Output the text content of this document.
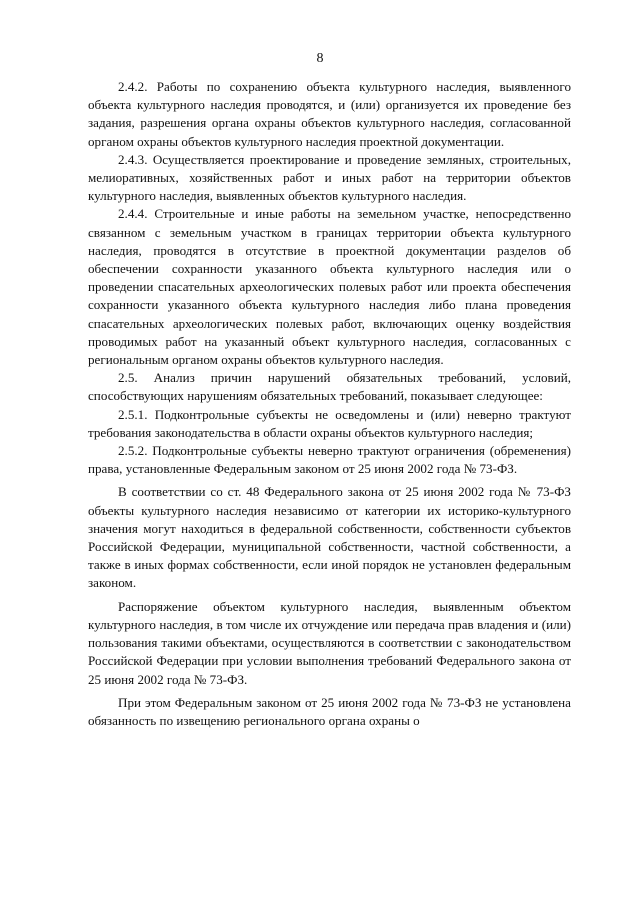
8

2.4.2. Работы по сохранению объекта культурного наследия, выявленного объекта культурного наследия проводятся, и (или) организуется их проведение без задания, разрешения органа охраны объектов культурного наследия, согласованной органом охраны объектов культурного наследия проектной документации.

2.4.3. Осуществляется проектирование и проведение земляных, строительных, мелиоративных, хозяйственных работ и иных работ на территории объектов культурного наследия, выявленных объектов культурного наследия.

2.4.4. Строительные и иные работы на земельном участке, непосредственно связанном с земельным участком в границах территории объекта культурного наследия, проводятся в отсутствие в проектной документации разделов об обеспечении сохранности указанного объекта культурного наследия или о проведении спасательных археологических полевых работ или проекта обеспечения сохранности указанного объекта культурного наследия либо плана проведения спасательных археологических полевых работ, включающих оценку воздействия проводимых работ на указанный объект культурного наследия, согласованных с региональным органом охраны объектов культурного наследия.

2.5. Анализ причин нарушений обязательных требований, условий, способствующих нарушениям обязательных требований, показывает следующее:

2.5.1. Подконтрольные субъекты не осведомлены и (или) неверно трактуют требования законодательства в области охраны объектов культурного наследия;

2.5.2. Подконтрольные субъекты неверно трактуют ограничения (обременения) права, установленные Федеральным законом от 25 июня 2002 года № 73-ФЗ.

В соответствии со ст. 48 Федерального закона от 25 июня 2002 года № 73-ФЗ объекты культурного наследия независимо от категории их историко-культурного значения могут находиться в федеральной собственности, собственности субъектов Российской Федерации, муниципальной собственности, частной собственности, а также в иных формах собственности, если иной порядок не установлен федеральным законом.

Распоряжение объектом культурного наследия, выявленным объектом культурного наследия, в том числе их отчуждение или передача прав владения и (или) пользования такими объектами, осуществляются в соответствии с законодательством Российской Федерации при условии выполнения требований Федерального закона от 25 июня 2002 года № 73-ФЗ.

При этом Федеральным законом от 25 июня 2002 года № 73-ФЗ не установлена обязанность по извещению регионального органа охраны о
